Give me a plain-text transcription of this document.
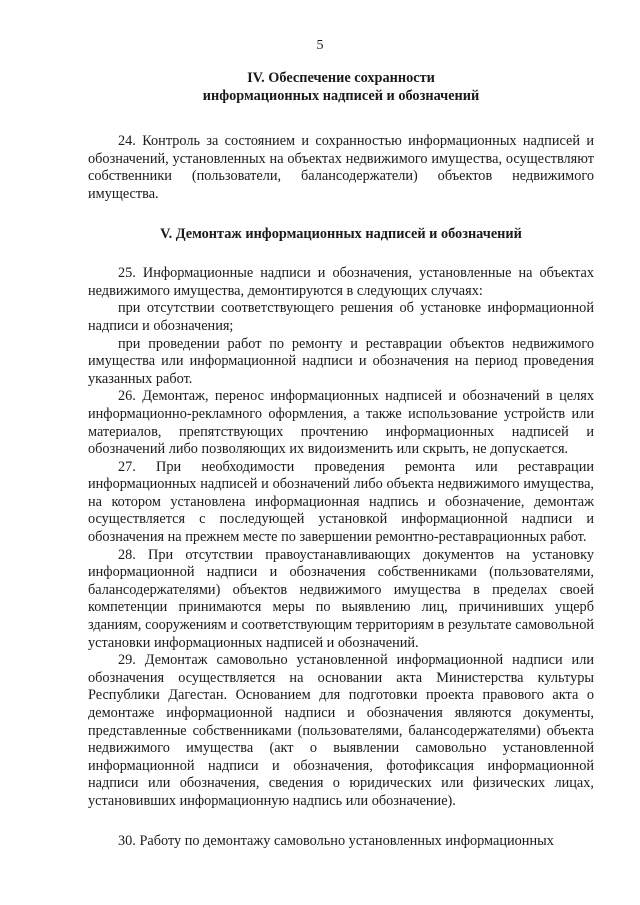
5
IV. Обеспечение сохранности
информационных надписей и обозначений

24. Контроль за состоянием и сохранностью информационных надписей и обозначений, установленных на объектах недвижимого имущества, осуществляют собственники (пользователи, балансодержатели) объектов недвижимого имущества.

V. Демонтаж информационных надписей и обозначений

25. Информационные надписи и обозначения, установленные на объектах недвижимого имущества, демонтируются в следующих случаях:

при отсутствии соответствующего решения об установке информационной надписи и обозначения;

при проведении работ по ремонту и реставрации объектов недвижимого имущества или информационной надписи и обозначения на период проведения указанных работ.

26. Демонтаж, перенос информационных надписей и обозначений в целях информационно-рекламного оформления, а также использование устройств или материалов, препятствующих прочтению информационных надписей и обозначений либо позволяющих их видоизменить или скрыть, не допускается.

27. При необходимости проведения ремонта или реставрации информационных надписей и обозначений либо объекта недвижимого имущества, на котором установлена информационная надпись и обозначение, демонтаж осуществляется с последующей установкой информационной надписи и обозначения на прежнем месте по завершении ремонтно-реставрационных работ.

28. При отсутствии правоустанавливающих документов на установку информационной надписи и обозначения собственниками (пользователями, балансодержателями) объектов недвижимого имущества в пределах своей компетенции принимаются меры по выявлению лиц, причинивших ущерб зданиям, сооружениям и соответствующим территориям в результате самовольной установки информационных надписей и обозначений.

29. Демонтаж самовольно установленной информационной надписи или обозначения осуществляется на основании акта Министерства культуры Республики Дагестан. Основанием для подготовки проекта правового акта о демонтаже информационной надписи и обозначения являются документы, представленные собственниками (пользователями, балансодержателями) объекта недвижимого имущества (акт о выявлении самовольно установленной информационной надписи и обозначения, фотофиксация информационной надписи или обозначения, сведения о юридических или физических лицах, установивших информационную надпись или обозначение).

30. Работу по демонтажу самовольно установленных информационных
